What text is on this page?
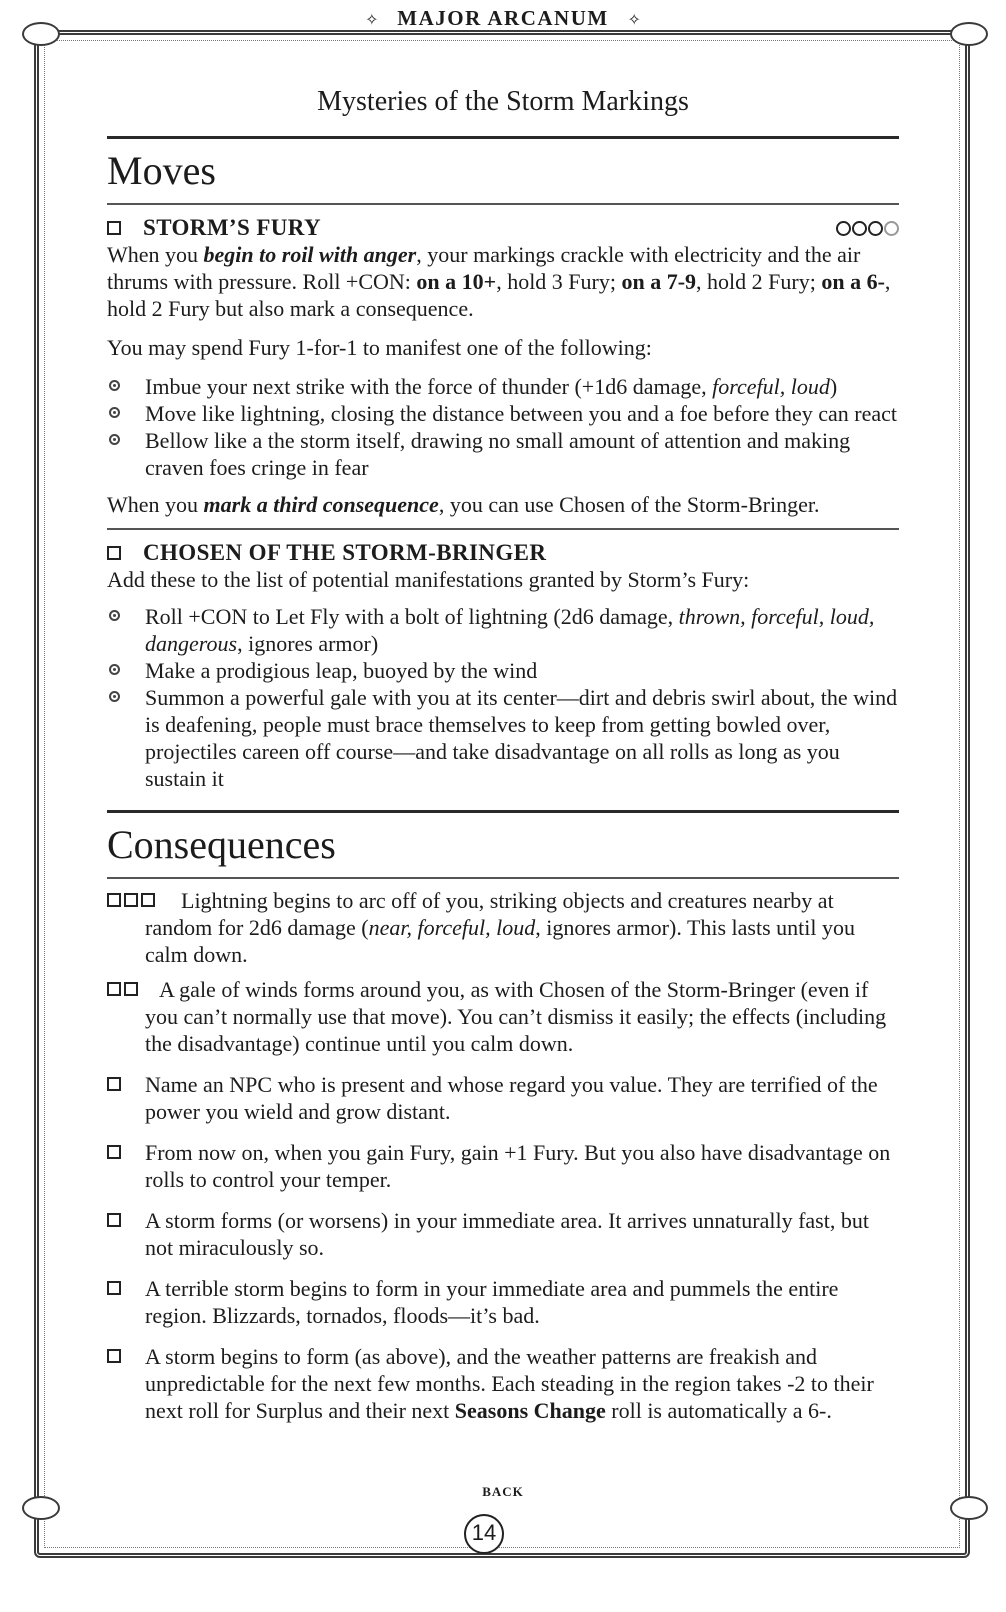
✧ MAJOR ARCANUM ✧
Mysteries of the Storm Markings
Moves
STORM’S FURY

When you begin to roil with anger, your markings crackle with electricity and the air thrums with pressure. Roll +CON: on a 10+, hold 3 Fury; on a 7-9, hold 2 Fury; on a 6-, hold 2 Fury but also mark a consequence.

You may spend Fury 1-for-1 to manifest one of the following:

Imbue your next strike with the force of thunder (+1d6 damage, forceful, loud)
Move like lightning, closing the distance between you and a foe before they can react
Bellow like a the storm itself, drawing no small amount of attention and making craven foes cringe in fear

When you mark a third consequence, you can use Chosen of the Storm-Bringer.

CHOSEN OF THE STORM-BRINGER

Add these to the list of potential manifestations granted by Storm’s Fury:

Roll +CON to Let Fly with a bolt of lightning (2d6 damage, thrown, forceful, loud, dangerous, ignores armor)
Make a prodigious leap, buoyed by the wind
Summon a powerful gale with you at its center—dirt and debris swirl about, the wind is deafening, people must brace themselves to keep from getting bowled over, projectiles careen off course—and take disadvantage on all rolls as long as you sustain it
Consequences
Lightning begins to arc off of you, striking objects and creatures nearby at random for 2d6 damage (near, forceful, loud, ignores armor). This lasts until you calm down.
A gale of winds forms around you, as with Chosen of the Storm-Bringer (even if you can’t normally use that move). You can’t dismiss it easily; the effects (including the disadvantage) continue until you calm down.
Name an NPC who is present and whose regard you value. They are terrified of the power you wield and grow distant.
From now on, when you gain Fury, gain +1 Fury. But you also have disadvantage on rolls to control your temper.
A storm forms (or worsens) in your immediate area. It arrives unnaturally fast, but not miraculously so.
A terrible storm begins to form in your immediate area and pummels the entire region. Blizzards, tornados, floods—it’s bad.
A storm begins to form (as above), and the weather patterns are freakish and unpredictable for the next few months. Each steading in the region takes -2 to their next roll for Surplus and their next Seasons Change roll is automatically a 6-.
BACK
14
